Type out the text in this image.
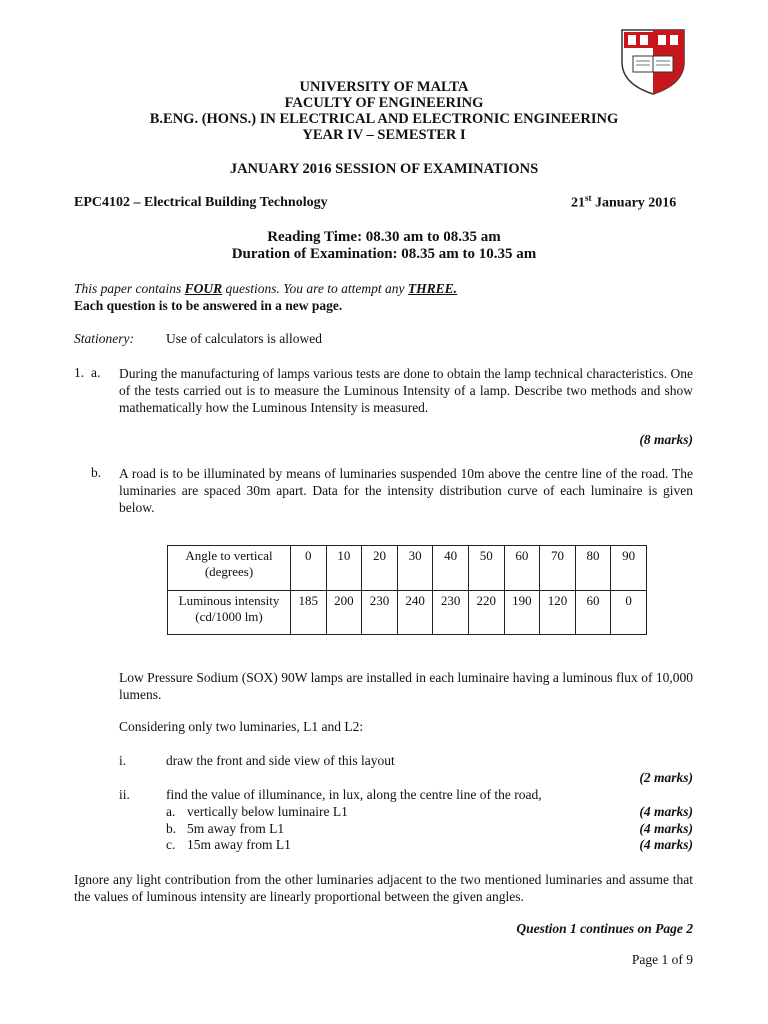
UNIVERSITY OF MALTA
FACULTY OF ENGINEERING
B.ENG. (HONS.) IN ELECTRICAL AND ELECTRONIC ENGINEERING
YEAR IV – SEMESTER I
JANUARY 2016 SESSION OF EXAMINATIONS
EPC4102 – Electrical Building Technology	21st January 2016
Reading Time: 08.30 am to 08.35 am
Duration of Examination: 08.35 am to 10.35 am
This paper contains FOUR questions. You are to attempt any THREE.
Each question is to be answered in a new page.
Stationery: Use of calculators is allowed
1. a. During the manufacturing of lamps various tests are done to obtain the lamp technical characteristics. One of the tests carried out is to measure the Luminous Intensity of a lamp. Describe two methods and show mathematically how the Luminous Intensity is measured.
(8 marks)
b. A road is to be illuminated by means of luminaries suspended 10m above the centre line of the road. The luminaries are spaced 30m apart. Data for the intensity distribution curve of each luminaire is given below.
Angle to vertical (degrees)	0	10	20	30	40	50	60	70	80	90
Luminous intensity (cd/1000 lm)	185	200	230	240	230	220	190	120	60	0
Low Pressure Sodium (SOX) 90W lamps are installed in each luminaire having a luminous flux of 10,000 lumens.
Considering only two luminaries, L1 and L2:
i.	draw the front and side view of this layout
(2 marks)
ii.	find the value of illuminance, in lux, along the centre line of the road,
a. vertically below luminaire L1	(4 marks)
b. 5m away from L1	(4 marks)
c. 15m away from L1	(4 marks)
Ignore any light contribution from the other luminaries adjacent to the two mentioned luminaries and assume that the values of luminous intensity are linearly proportional between the given angles.
Question 1 continues on Page 2
Page 1 of 9
